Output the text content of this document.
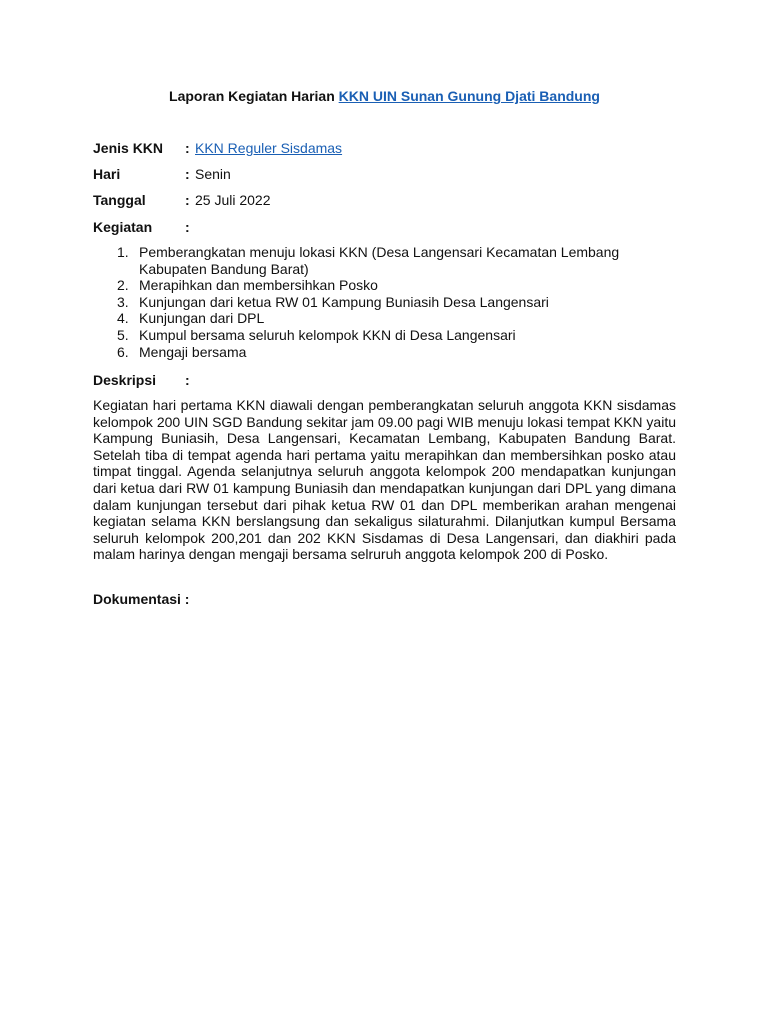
Laporan Kegiatan Harian KKN UIN Sunan Gunung Djati Bandung
Jenis KKN : KKN Reguler Sisdamas
Hari	: Senin
Tanggal	: 25 Juli 2022
Kegiatan :
1. Pemberangkatan menuju lokasi KKN (Desa Langensari Kecamatan Lembang Kabupaten Bandung Barat)
2. Merapihkan dan membersihkan Posko
3. Kunjungan dari ketua RW 01 Kampung Buniasih Desa Langensari
4. Kunjungan dari DPL
5. Kumpul bersama seluruh kelompok KKN di Desa Langensari
6. Mengaji bersama
Deskripsi :

Kegiatan hari pertama KKN diawali dengan pemberangkatan seluruh anggota KKN sisdamas kelompok 200 UIN SGD Bandung sekitar jam 09.00 pagi WIB menuju lokasi tempat KKN yaitu Kampung Buniasih, Desa Langensari, Kecamatan Lembang, Kabupaten Bandung Barat. Setelah tiba di tempat agenda hari pertama yaitu merapihkan dan membersihkan posko atau timpat tinggal. Agenda selanjutnya seluruh anggota kelompok 200 mendapatkan kunjungan dari ketua dari RW 01 kampung Buniasih dan mendapatkan kunjungan dari DPL yang dimana dalam kunjungan tersebut dari pihak ketua RW 01 dan DPL memberikan arahan mengenai kegiatan selama KKN berslangsung dan sekaligus silaturahmi. Dilanjutkan kumpul Bersama seluruh kelompok 200,201 dan 202 KKN Sisdamas di Desa Langensari, dan diakhiri pada malam harinya dengan mengaji bersama selruruh anggota kelompok 200 di Posko.

Dokumentasi :
